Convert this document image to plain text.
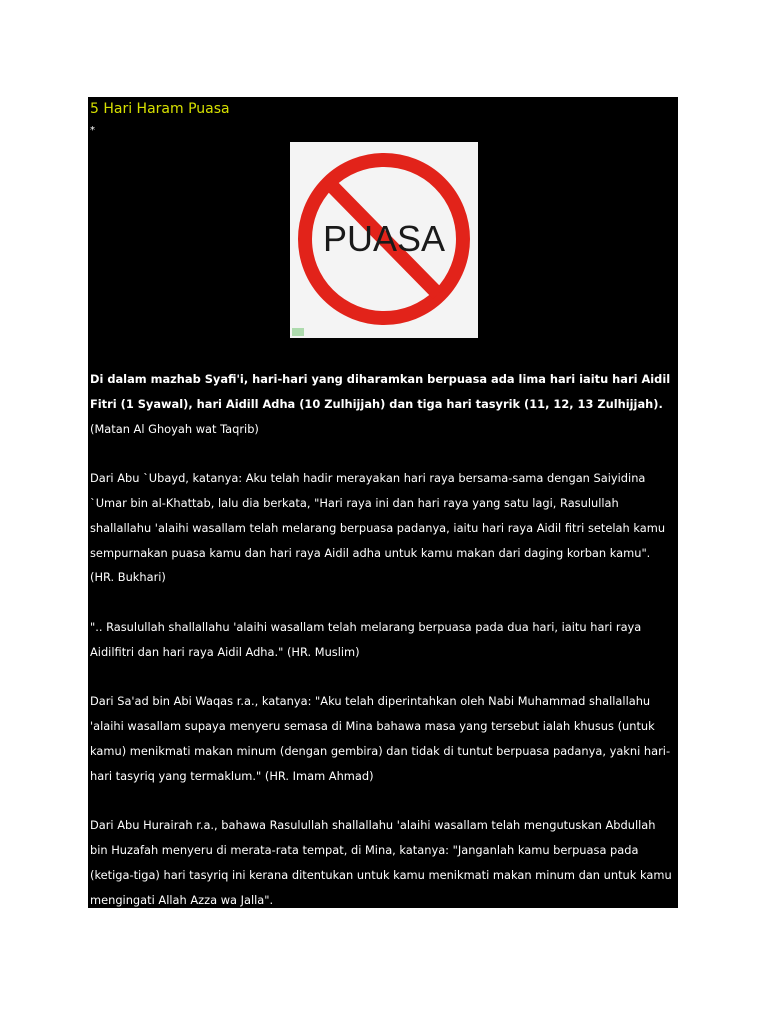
5 Hari Haram Puasa
*
PUASA

Di dalam mazhab Syafi'i, hari-hari yang diharamkan berpuasa ada lima hari iaitu hari Aidil Fitri (1 Syawal), hari Aidill Adha (10 Zulhijjah) dan tiga hari tasyrik (11, 12, 13 Zulhijjah). (Matan Al Ghoyah wat Taqrib)

Dari Abu `Ubayd, katanya: Aku telah hadir merayakan hari raya bersama-sama dengan Saiyidina `Umar bin al-Khattab, lalu dia berkata, "Hari raya ini dan hari raya yang satu lagi, Rasulullah shallallahu 'alaihi wasallam telah melarang berpuasa padanya, iaitu hari raya Aidil fitri setelah kamu sempurnakan puasa kamu dan hari raya Aidil adha untuk kamu makan dari daging korban kamu". (HR. Bukhari)

".. Rasulullah shallallahu 'alaihi wasallam telah melarang berpuasa pada dua hari, iaitu hari raya Aidilfitri dan hari raya Aidil Adha." (HR. Muslim)

Dari Sa'ad bin Abi Waqas r.a., katanya: "Aku telah diperintahkan oleh Nabi Muhammad shallallahu 'alaihi wasallam supaya menyeru semasa di Mina bahawa masa yang tersebut ialah khusus (untuk kamu) menikmati makan minum (dengan gembira) dan tidak di tuntut berpuasa padanya, yakni hari-hari tasyriq yang termaklum." (HR. Imam Ahmad)

Dari Abu Hurairah r.a., bahawa Rasulullah shallallahu 'alaihi wasallam telah mengutuskan Abdullah bin Huzafah menyeru di merata-rata tempat, di Mina, katanya: "Janganlah kamu berpuasa pada (ketiga-tiga) hari tasyriq ini kerana ditentukan untuk kamu menikmati makan minum dan untuk kamu mengingati Allah Azza wa Jalla".
